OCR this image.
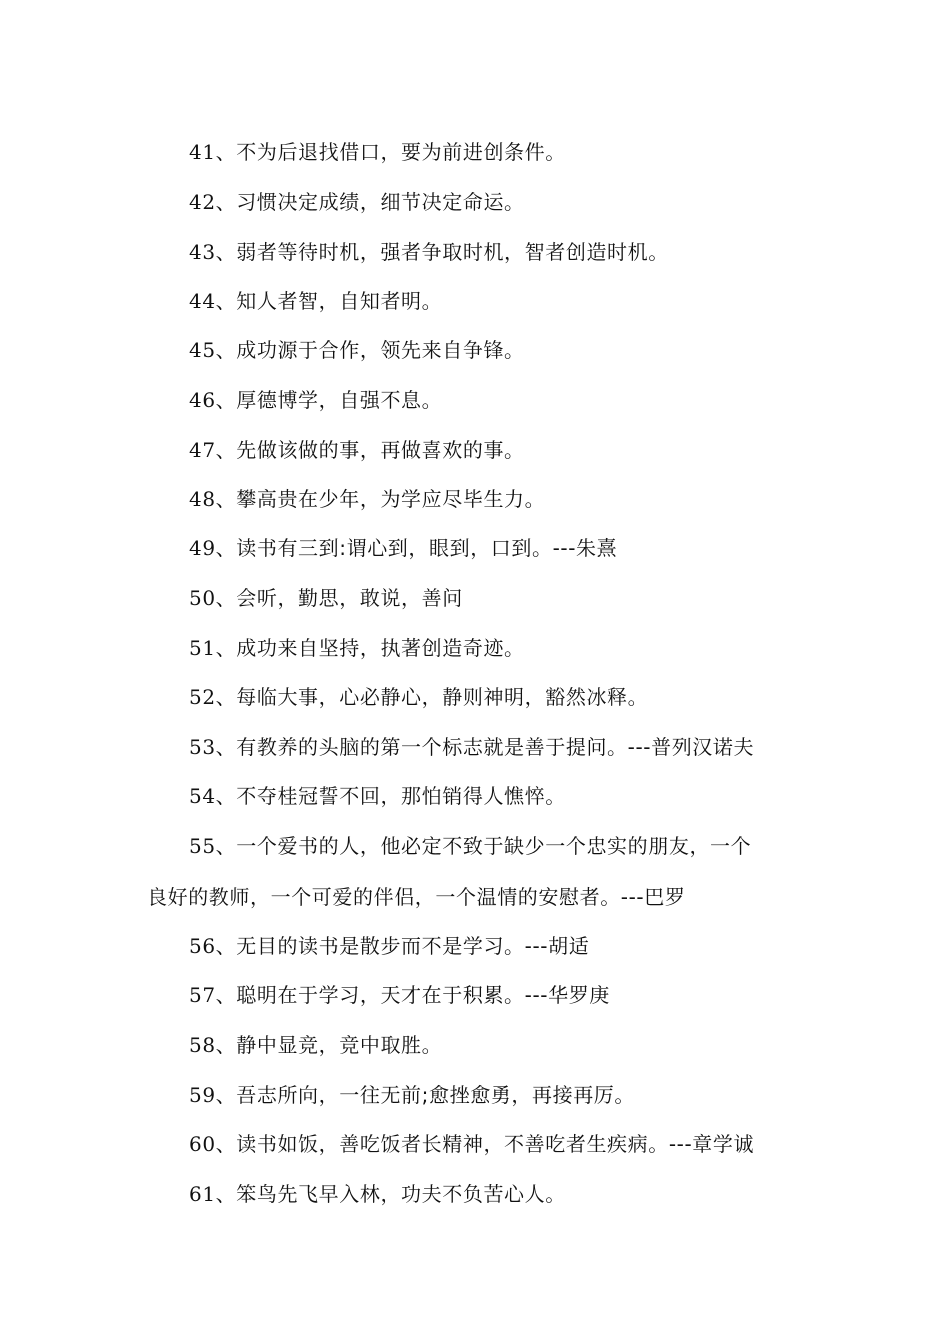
41、不为后退找借口，要为前进创条件。
42、习惯决定成绩，细节决定命运。
43、弱者等待时机，强者争取时机，智者创造时机。
44、知人者智，自知者明。
45、成功源于合作，领先来自争锋。
46、厚德博学，自强不息。
47、先做该做的事，再做喜欢的事。
48、攀高贵在少年，为学应尽毕生力。
49、读书有三到:谓心到，眼到，口到。---朱熹
50、会听，勤思，敢说，善问
51、成功来自坚持，执著创造奇迹。
52、每临大事，心必静心，静则神明，豁然冰释。
53、有教养的头脑的第一个标志就是善于提问。---普列汉诺夫
54、不夺桂冠誓不回，那怕销得人憔悴。
55、一个爱书的人，他必定不致于缺少一个忠实的朋友，一个
良好的教师，一个可爱的伴侣，一个温情的安慰者。---巴罗
56、无目的读书是散步而不是学习。---胡适
57、聪明在于学习，天才在于积累。---华罗庚
58、静中显竞，竞中取胜。
59、吾志所向，一往无前;愈挫愈勇，再接再厉。
60、读书如饭，善吃饭者长精神，不善吃者生疾病。---章学诚
61、笨鸟先飞早入林，功夫不负苦心人。
